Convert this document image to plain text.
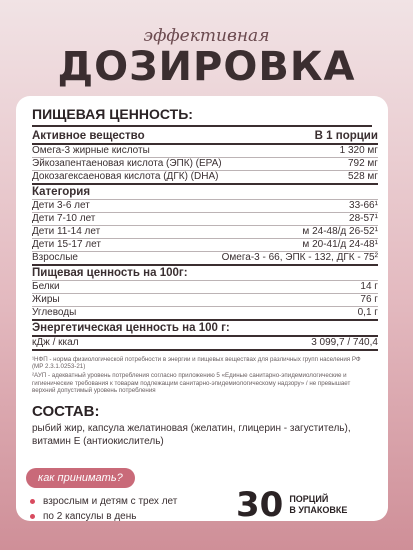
эффективная
ДОЗИРОВКА
ПИЩЕВАЯ ЦЕННОСТЬ:
Активное вещество	В 1 порции
Омега-3 жирные кислоты	1 320 мг
Эйкозапентаеновая кислота (ЭПК) (EPA)	792 мг
Докозагексаеновая кислота (ДГК) (DHA)	528 мг
Категория	
Дети 3-6 лет	33-66¹
Дети 7-10 лет	28-57¹
Дети 11-14 лет	м 24-48/д 26-52¹
Дети 15-17 лет	м 20-41/д 24-48¹
Взрослые	Омега-3 - 66, ЭПК - 132, ДГК - 75²
Пищевая ценность на 100г:	
Белки	14 г
Жиры	76 г
Углеводы	0,1 г
Энергетическая ценность на 100 г:	
кДж / ккал	3 099,7 / 740,4

¹НФП - норма физиологической потребности в энергии и пищевых веществах для различных групп населения РФ (МР 2.3.1.0253-21)

²АУП - адекватный уровень потребления согласно приложению 5 «Единые санитарно-эпидемиологические и гигиенические требования к товарам подлежащим санитарно-эпидемиологическому надзору» / не превышает верхний допустимый уровень потребления

СОСТАВ:
рыбий жир, капсула желатиновая (желатин, глицерин - загуститель), витамин Е (антиокислитель)
как принимать?
взрослым и детям с трех лет
по 2 капсулы в день	30 ПОРЦИЙ
В УПАКОВКЕ
